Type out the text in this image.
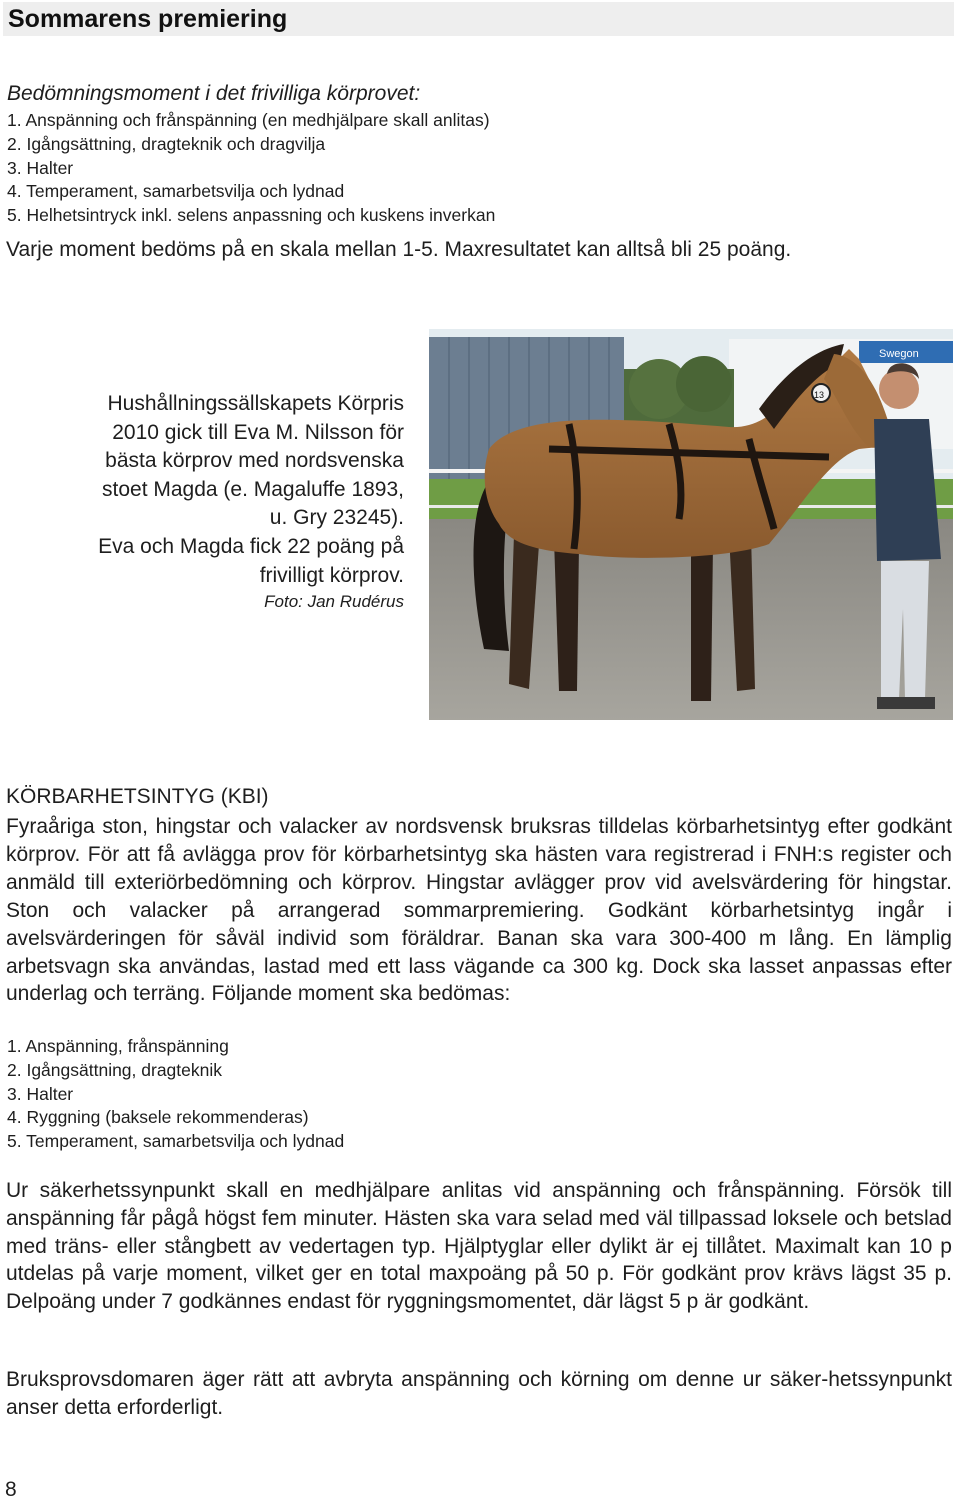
Sommarens premiering
Bedömningsmoment i det frivilliga körprovet:
1. Anspänning och frånspänning (en medhjälpare skall anlitas)
2. Igångsättning, dragteknik och dragvilja
3. Halter
4. Temperament, samarbetsvilja och lydnad
5. Helhetsintryck inkl. selens anpassning och kuskens inverkan
Varje moment bedöms på en skala mellan 1-5. Maxresultatet kan alltså bli 25 poäng.
Hushållningssällskapets Körpris
2010 gick till Eva M. Nilsson för
bästa körprov med nordsvenska
stoet Magda (e. Magaluffe 1893,
u. Gry 23245).
Eva och Magda fick 22 poäng på
frivilligt körprov.
Foto: Jan Rudérus
Swegon
13
KÖRBARHETSINTYG (KBI)
Fyraåriga ston, hingstar och valacker av nordsvensk bruksras tilldelas körbarhetsintyg efter godkänt körprov. För att få avlägga prov för körbarhetsintyg ska hästen vara registrerad i FNH:s register och anmäld till exteriörbedömning och körprov. Hingstar avlägger prov vid avelsvärdering för hingstar. Ston och valacker på arrangerad sommarpremiering. Godkänt körbarhetsintyg ingår i avelsvärderingen för såväl individ som föräldrar. Banan ska vara 300-400 m lång. En lämplig arbetsvagn ska användas, lastad med ett lass vägande ca 300 kg. Dock ska lasset anpassas efter underlag och terräng. Följande moment ska bedömas:
1. Anspänning, frånspänning
2. Igångsättning, dragteknik
3. Halter
4. Ryggning (baksele rekommenderas)
5. Temperament, samarbetsvilja och lydnad
Ur säkerhetssynpunkt skall en medhjälpare anlitas vid anspänning och frånspänning. Försök till anspänning får pågå högst fem minuter. Hästen ska vara selad med väl tillpassad loksele och betslad med träns- eller stångbett av vedertagen typ. Hjälptyglar eller dylikt är ej tillåtet. Maximalt kan 10 p utdelas på varje moment, vilket ger en total maxpoäng på 50 p. För godkänt prov krävs lägst 35 p. Delpoäng under 7 godkännes endast för ryggningsmomentet, där lägst 5 p är godkänt.
Bruksprovsdomaren äger rätt att avbryta anspänning och körning om denne ur säker-hetssynpunkt anser detta erforderligt.
8
